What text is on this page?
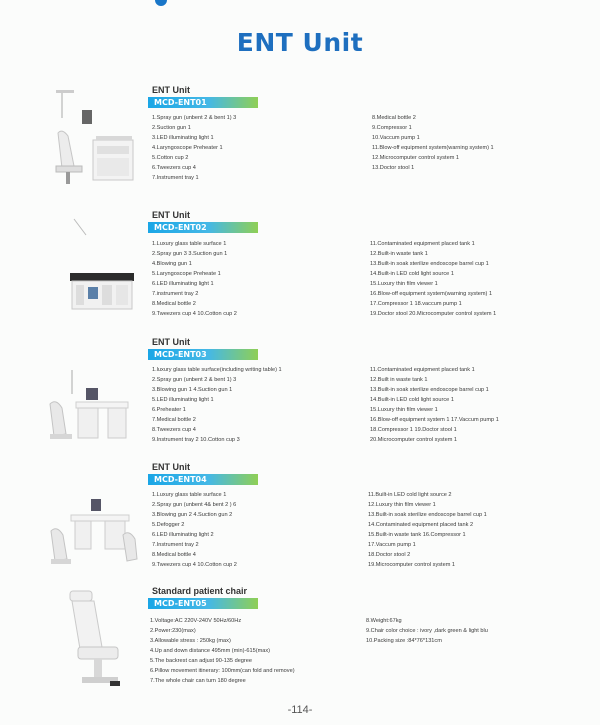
ENT Unit
ENT Unit
MCD-ENT01
1.Spray gun (unbent 2 & bent 1) 3
2.Suction gun 1
3.LED illuminating light 1
4.Laryngoscope Preheater 1
5.Cotton cup 2
6.Tweezers cup 4
7.Instrument tray 1
8.Medical bottle 2
9.Compressor 1
10.Vaccum pump 1
11.Blow-off equipment system(warning system) 1
12.Microcomputer control system 1
13.Doctor stool 1
ENT Unit
MCD-ENT02
1.Luxury glass table surface 1
2.Spray gun 3 3.Suction gun 1
4.Blowing gun 1
5.Laryngoscope Preheate 1
6.LED illuminating light 1
7.instrument tray 2
8.Medical bottle 2
9.Tweezers cup 4 10.Cotton cup 2
11.Contaminated equipment placed tank 1
12.Built-in waste tank 1
13.Built-in soak sterilize endoscope barrel cup 1
14.Built-in LED cold light source 1
15.Luxury thin film viewer 1
16.Blow-off equipment system(warning system) 1
17.Compressor 1 18.vaccum pump 1
19.Doctor stool 20.Microcomputer control system 1
ENT Unit
MCD-ENT03
1.luxury glass table surface(including writing table) 1
2.Spray gun (unbent 2 & bent 1) 3
3.Blowing gun 1 4.Suction gun 1
5.LED illuminating light 1
6.Preheater 1
7.Medical bottle 2
8.Tweezers cup 4
9.Instrument tray 2 10.Cotton cup 3
11.Contaminated equipment placed tank 1
12.Built in waste tank 1
13.Built-in soak sterilize endoscope barrel cup 1
14.Built-in LED cold light source 1
15.Luxury thin film viewer 1
16.Blow-off equipment system 1 17.Vaccum pump 1
18.Compressor 1 19.Doctor stool 1
20.Microcomputer control system 1
ENT Unit
MCD-ENT04
1.Luxury glass table surface 1
2.Spray gun (unbent 4& bent 2 ) 6
3.Blowing gun 2 4.Suction gun 2
5.Defogger 2
6.LED illuminating light 2
7.Instrument tray 2
8.Medical bottle 4
9.Tweezers cup 4 10.Cotton cup 2
11.Built-in LED cold light source 2
12.Luxury thin film viewer 1
13.Built-in soak sterilize endoscope barrel cup 1
14.Contaminated equipment placed tank 2
15.Built-in waste tank 16.Compressor 1
17.Vaccum pump 1
18.Doctor stool 2
19.Microcomputer control system 1
Standard patient chair
MCD-ENT05
1.Voltage:AC 220V-240V 50Hz/60Hz
2.Power:230(max)
3.Allowable stress : 250kg (max)
4.Up and down distance 495mm (min)-615(max)
5.The backrest can adjust 90-135 degree
6.Pillow movement itinerary: 100mm(can fold and remove)
7.The whole chair can turn 180 degree
8.Weight:67kg
9.Chair color choice : ivory ,dark green & light blu
10.Packing size :84*76*131cm
-114-
